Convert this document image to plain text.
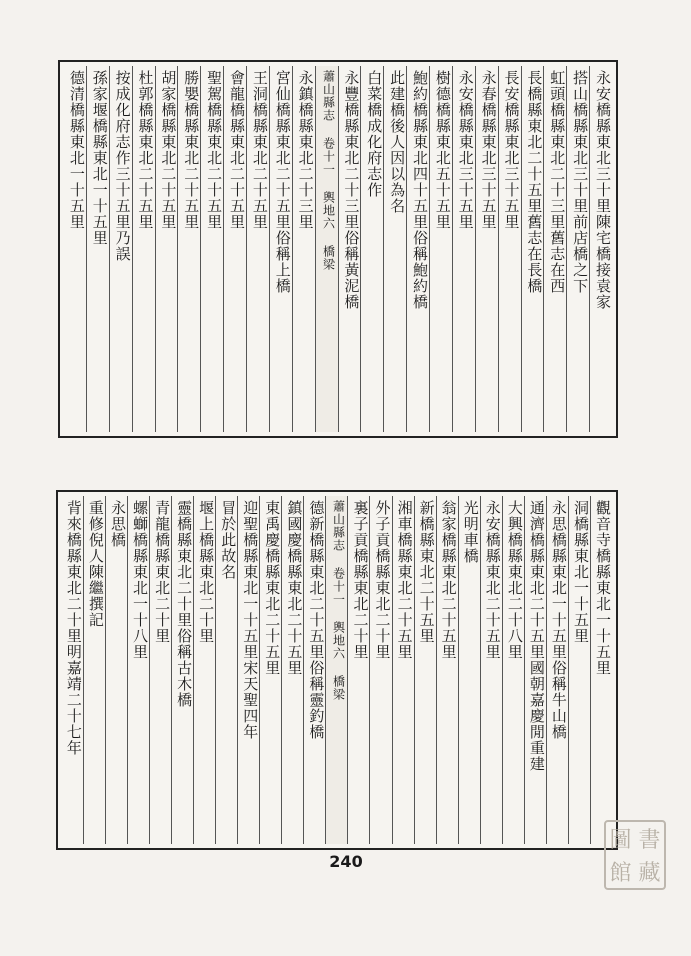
永安橋縣東北三十里陳宅橋接袁家
搭山橋縣東北三十里前店橋之下
虹頭橋縣東北二十三里舊志在西
長橋縣東北二十五里舊志在長橋
長安橋縣東北三十五里
永春橋縣東北三十五里
永安橋縣東北三十五里
樹德橋縣東北五十五里
鮑約橋縣東北四十五里俗稱鮑約橋
此建橋後人因以為名
白菜橋成化府志作
永豐橋縣東北二十三里俗稱黃泥橋
蕭山縣志 卷十一 輿地六 橋梁
永鎮橋縣東北二十三里
宮仙橋縣東北二十五里俗稱上橋
王洞橋縣東北二十五里
會龍橋縣東北二十五里
聖駕橋縣東北二十五里
勝嬰橋縣東北二十五里
胡家橋縣東北二十五里
杜郭橋縣東北二十五里
按成化府志作三十五里乃誤
孫家堰橋縣東北一十五里
德清橋縣東北一十五里
觀音寺橋縣東北一十五里
洞橋縣東北一十五里
永思橋縣東北一十五里俗稱牛山橋
通濟橋縣東北二十五里國朝嘉慶閒重建
大興橋縣東北二十八里
永安橋縣東北二十五里
光明車橋
翁家橋縣東北二十五里
新橋縣東北二十五里
湘車橋縣東北二十五里
外子貢橋縣東北二十里
裏子貢橋縣東北二十里
蕭山縣志 卷十一 輿地六 橋梁
德新橋縣東北二十五里俗稱靈釣橋
鎮國慶橋縣東北二十五里
東禹慶橋縣東北二十五里
迎聖橋縣東北一十五里宋天聖四年
冒於此故名
堰上橋縣東北二十里
靈橋縣東北二十里俗稱古木橋
青龍橋縣東北二十里
螺螄橋縣東北一十八里
永思橋
重修倪人陳繼撰記
背來橋縣東北二十里明嘉靖二十七年
240
圖 書
館 藏
